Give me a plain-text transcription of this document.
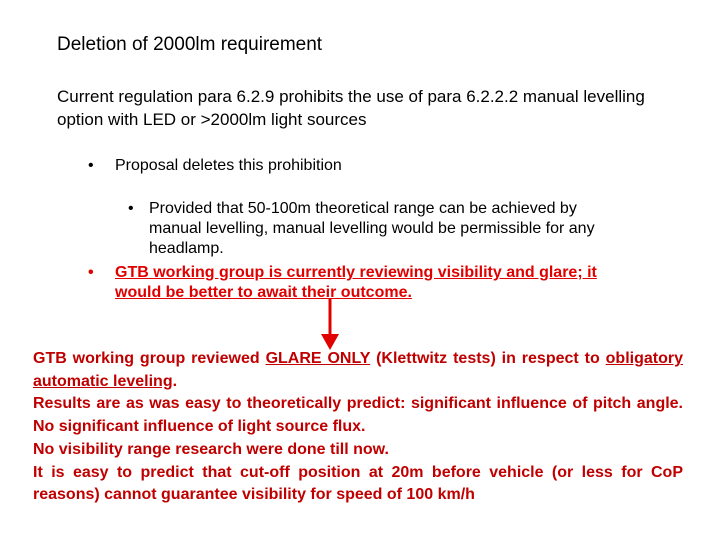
Deletion of 2000lm requirement
Current regulation para 6.2.9 prohibits the use of para 6.2.2.2 manual levelling option with LED or >2000lm light sources
• Proposal deletes this prohibition
• Provided that 50-100m theoretical range can be achieved by manual levelling, manual levelling would be permissible for any headlamp.
• GTB working group is currently reviewing visibility and glare; it would be better to await their outcome.

GTB working group reviewed GLARE ONLY (Klettwitz tests) in respect to obligatory automatic leveling.

Results are as was easy to theoretically predict: significant influence of pitch angle. No significant influence of light source flux.

No visibility range research were done till now.

It is easy to predict that cut-off position at 20m before vehicle (or less for CoP reasons) cannot guarantee visibility for speed of 100 km/h
